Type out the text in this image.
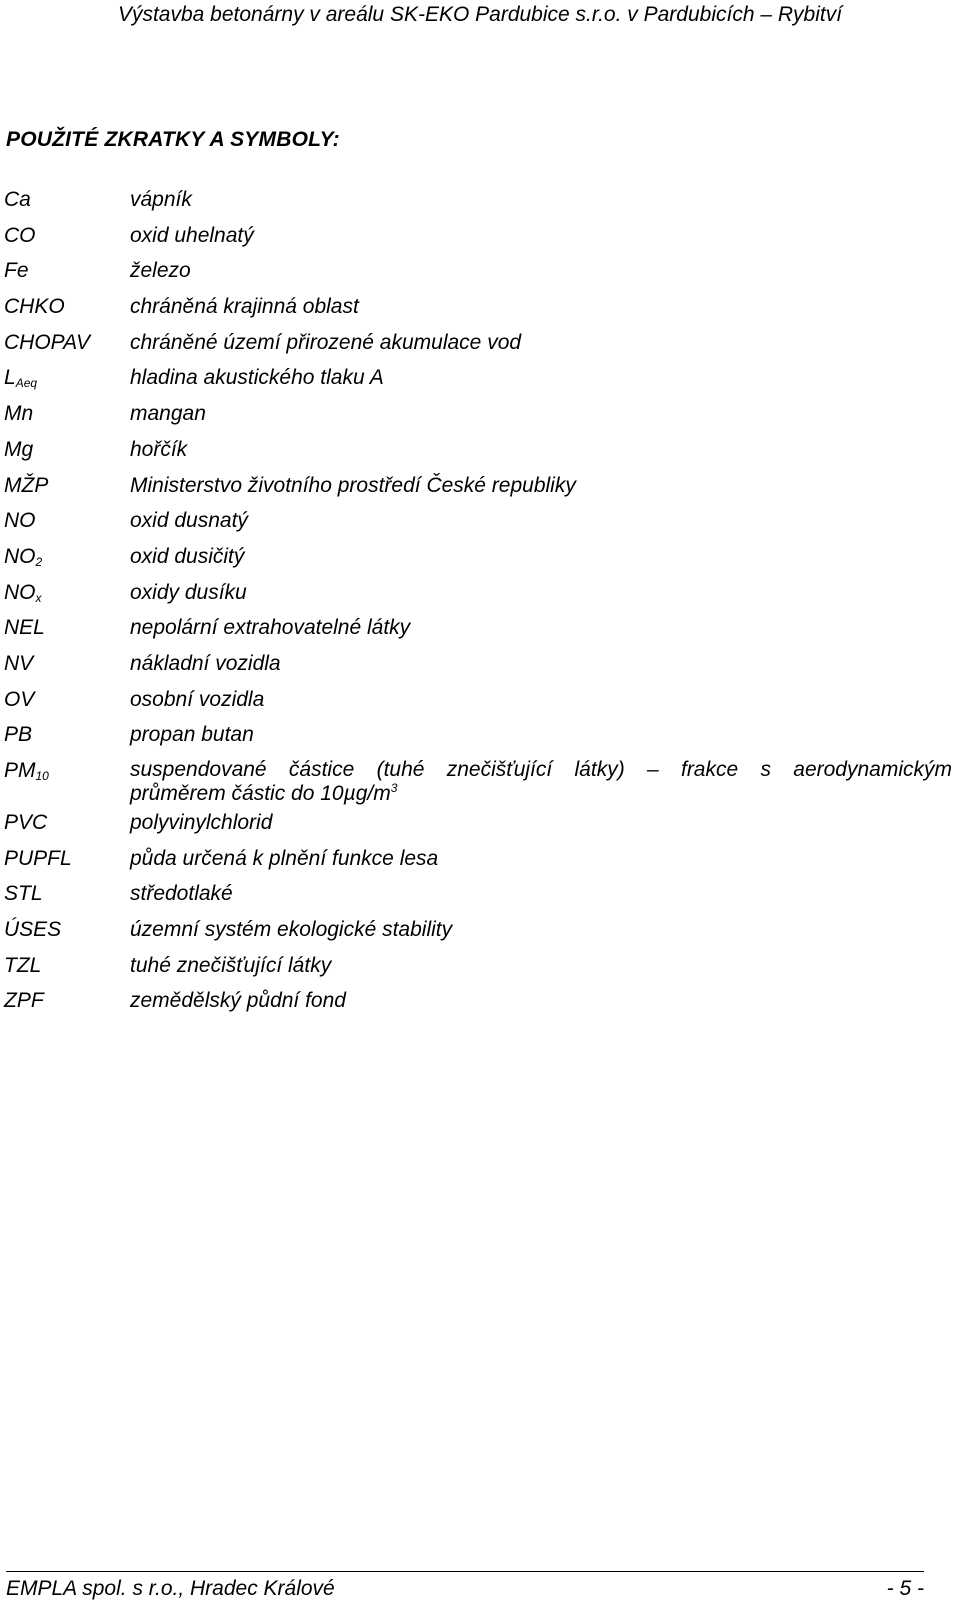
Výstavba betonárny v areálu SK-EKO Pardubice s.r.o. v Pardubicích – Rybitví
POUŽITÉ ZKRATKY A SYMBOLY:
Ca	vápník
CO	oxid uhelnatý
Fe	železo
CHKO	chráněná krajinná oblast
CHOPAV chráněné území přirozené akumulace vod
$L_{Aeq}$	hladina akustického tlaku A
Mn	mangan
Mg	hořčík
MŽP	Ministerstvo životního prostředí České republiky
NO	oxid dusnatý
$NO_2$	oxid dusičitý
$NO_x$	oxidy dusíku
NEL	nepolární extrahovatelné látky
NV	nákladní vozidla
OV	osobní vozidla
PB	propan butan
$PM_{10}$	suspendované částice (tuhé znečišťující látky) – frakce s aerodynamickým
průměrem částic do $10\mu g/m^3$
PVC	polyvinylchlorid
PUPFL	půda určená k plnění funkce lesa
STL	středotlaké
ÚSES	územní systém ekologické stability
TZL	tuhé znečišťující látky
ZPF	zemědělský půdní fond
EMPLA spol. s r.o., Hradec Králové	- 5 -
